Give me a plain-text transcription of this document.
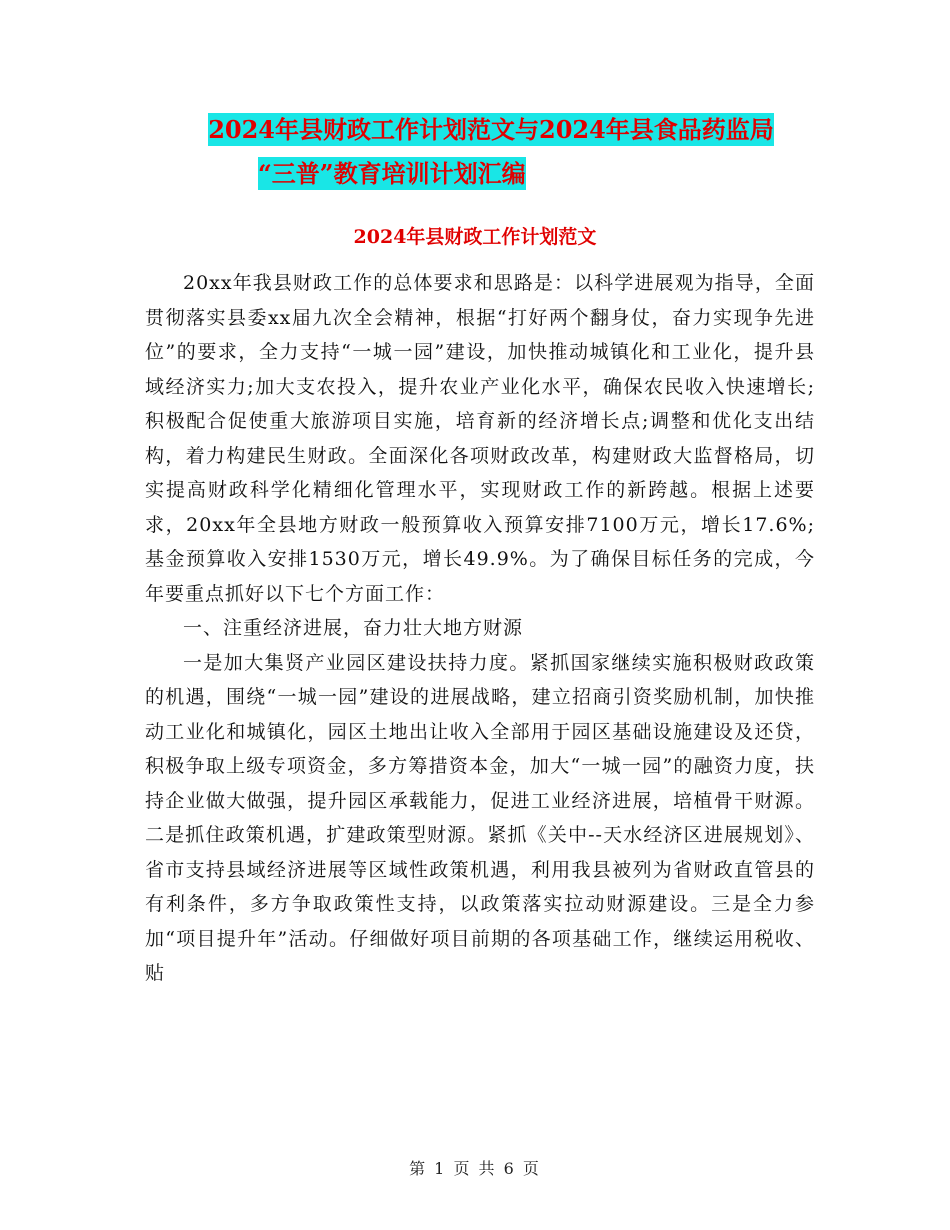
2024年县财政工作计划范文与2024年县食品药监局
“三普”教育培训计划汇编
2024年县财政工作计划范文

20xx年我县财政工作的总体要求和思路是：以科学进展观为指导，全面贯彻落实县委xx届九次全会精神，根据“打好两个翻身仗，奋力实现争先进位”的要求，全力支持“一城一园”建设，加快推动城镇化和工业化，提升县域经济实力;加大支农投入，提升农业产业化水平，确保农民收入快速增长;积极配合促使重大旅游项目实施，培育新的经济增长点;调整和优化支出结构，着力构建民生财政。全面深化各项财政改革，构建财政大监督格局，切实提高财政科学化精细化管理水平，实现财政工作的新跨越。根据上述要求，20xx年全县地方财政一般预算收入预算安排7100万元，增长17.6%;基金预算收入安排1530万元，增长49.9%。为了确保目标任务的完成，今年要重点抓好以下七个方面工作：

一、注重经济进展，奋力壮大地方财源

一是加大集贤产业园区建设扶持力度。紧抓国家继续实施积极财政政策的机遇，围绕“一城一园”建设的进展战略，建立招商引资奖励机制，加快推动工业化和城镇化，园区土地出让收入全部用于园区基础设施建设及还贷，积极争取上级专项资金，多方筹措资本金，加大“一城一园”的融资力度，扶持企业做大做强，提升园区承载能力，促进工业经济进展，培植骨干财源。二是抓住政策机遇，扩建政策型财源。紧抓《关中--天水经济区进展规划》、省市支持县域经济进展等区域性政策机遇，利用我县被列为省财政直管县的有利条件，多方争取政策性支持，以政策落实拉动财源建设。三是全力参加“项目提升年”活动。仔细做好项目前期的各项基础工作，继续运用税收、贴

第 1 页 共 6 页
